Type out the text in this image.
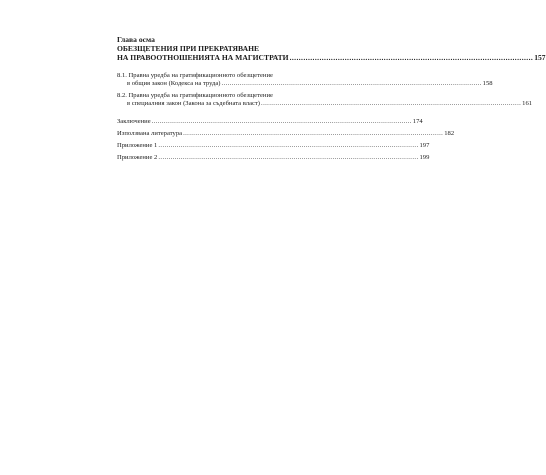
Глава осма
ОБЕЗЩЕТЕНИЯ ПРИ ПРЕКРАТЯВАНЕ
НА ПРАВООТНОШЕНИЯТА НА МАГИСТРАТИ .......................................................................................................... 157
8.1. Правна уредба на гратификационното обезщетение
в общия закон (Кодекса на труда) ............................................................................................................................... 158
8.2. Правна уредба на гратификационното обезщетение
в специалния закон (Закона за съдебната власт) ............................................................................................................................... 161
Заключение ............................................................................................................................... 174
Използвана литература ............................................................................................................................... 182
Приложение 1 ............................................................................................................................... 197
Приложение 2 ............................................................................................................................... 199
